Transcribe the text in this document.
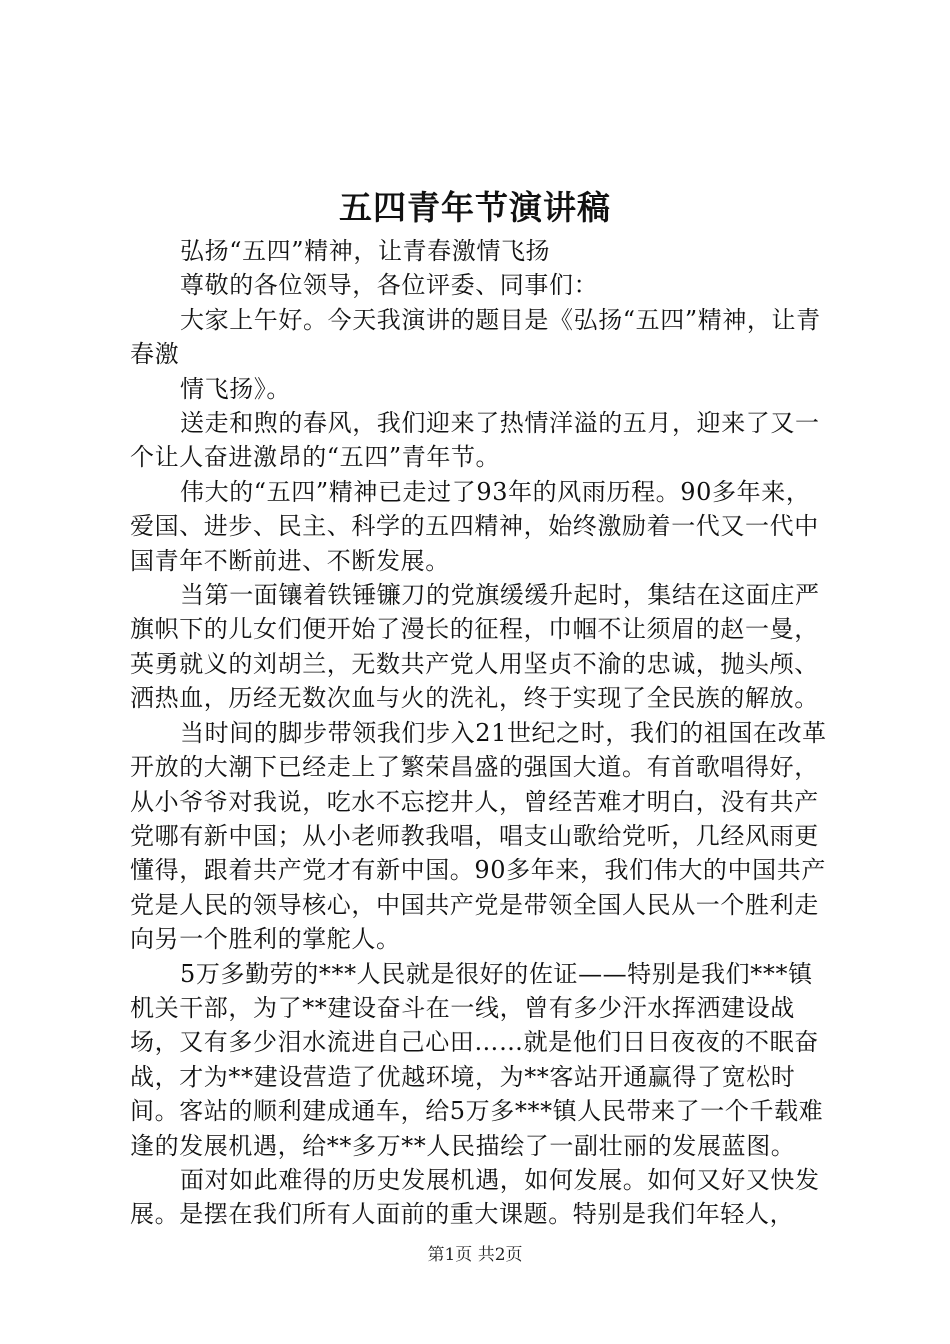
五四青年节演讲稿

弘扬“五四”精神，让青春激情飞扬

尊敬的各位领导，各位评委、同事们：

大家上午好。今天我演讲的题目是《弘扬“五四”精神，让青春激

情飞扬》。

送走和煦的春风，我们迎来了热情洋溢的五月，迎来了又一个让人奋进激昂的“五四”青年节。

伟大的“五四”精神已走过了93年的风雨历程。90多年来，爱国、进步、民主、科学的五四精神，始终激励着一代又一代中国青年不断前进、不断发展。

当第一面镶着铁锤镰刀的党旗缓缓升起时，集结在这面庄严旗帜下的儿女们便开始了漫长的征程，巾帼不让须眉的赵一曼，英勇就义的刘胡兰，无数共产党人用坚贞不渝的忠诚，抛头颅、洒热血，历经无数次血与火的洗礼，终于实现了全民族的解放。

当时间的脚步带领我们步入21世纪之时，我们的祖国在改革开放的大潮下已经走上了繁荣昌盛的强国大道。有首歌唱得好，从小爷爷对我说，吃水不忘挖井人，曾经苦难才明白，没有共产党哪有新中国；从小老师教我唱，唱支山歌给党听，几经风雨更懂得，跟着共产党才有新中国。90多年来，我们伟大的中国共产党是人民的领导核心，中国共产党是带领全国人民从一个胜利走向另一个胜利的掌舵人。

5万多勤劳的***人民就是很好的佐证——特别是我们***镇机关干部，为了**建设奋斗在一线，曾有多少汗水挥洒建设战场，又有多少泪水流进自己心田……就是他们日日夜夜的不眠奋战，才为**建设营造了优越环境，为**客站开通赢得了宽松时间。客站的顺利建成通车，给5万多***镇人民带来了一个千载难逢的发展机遇，给**多万**人民描绘了一副壮丽的发展蓝图。

面对如此难得的历史发展机遇，如何发展。如何又好又快发展。是摆在我们所有人面前的重大课题。特别是我们年轻人，

第1页 共2页
